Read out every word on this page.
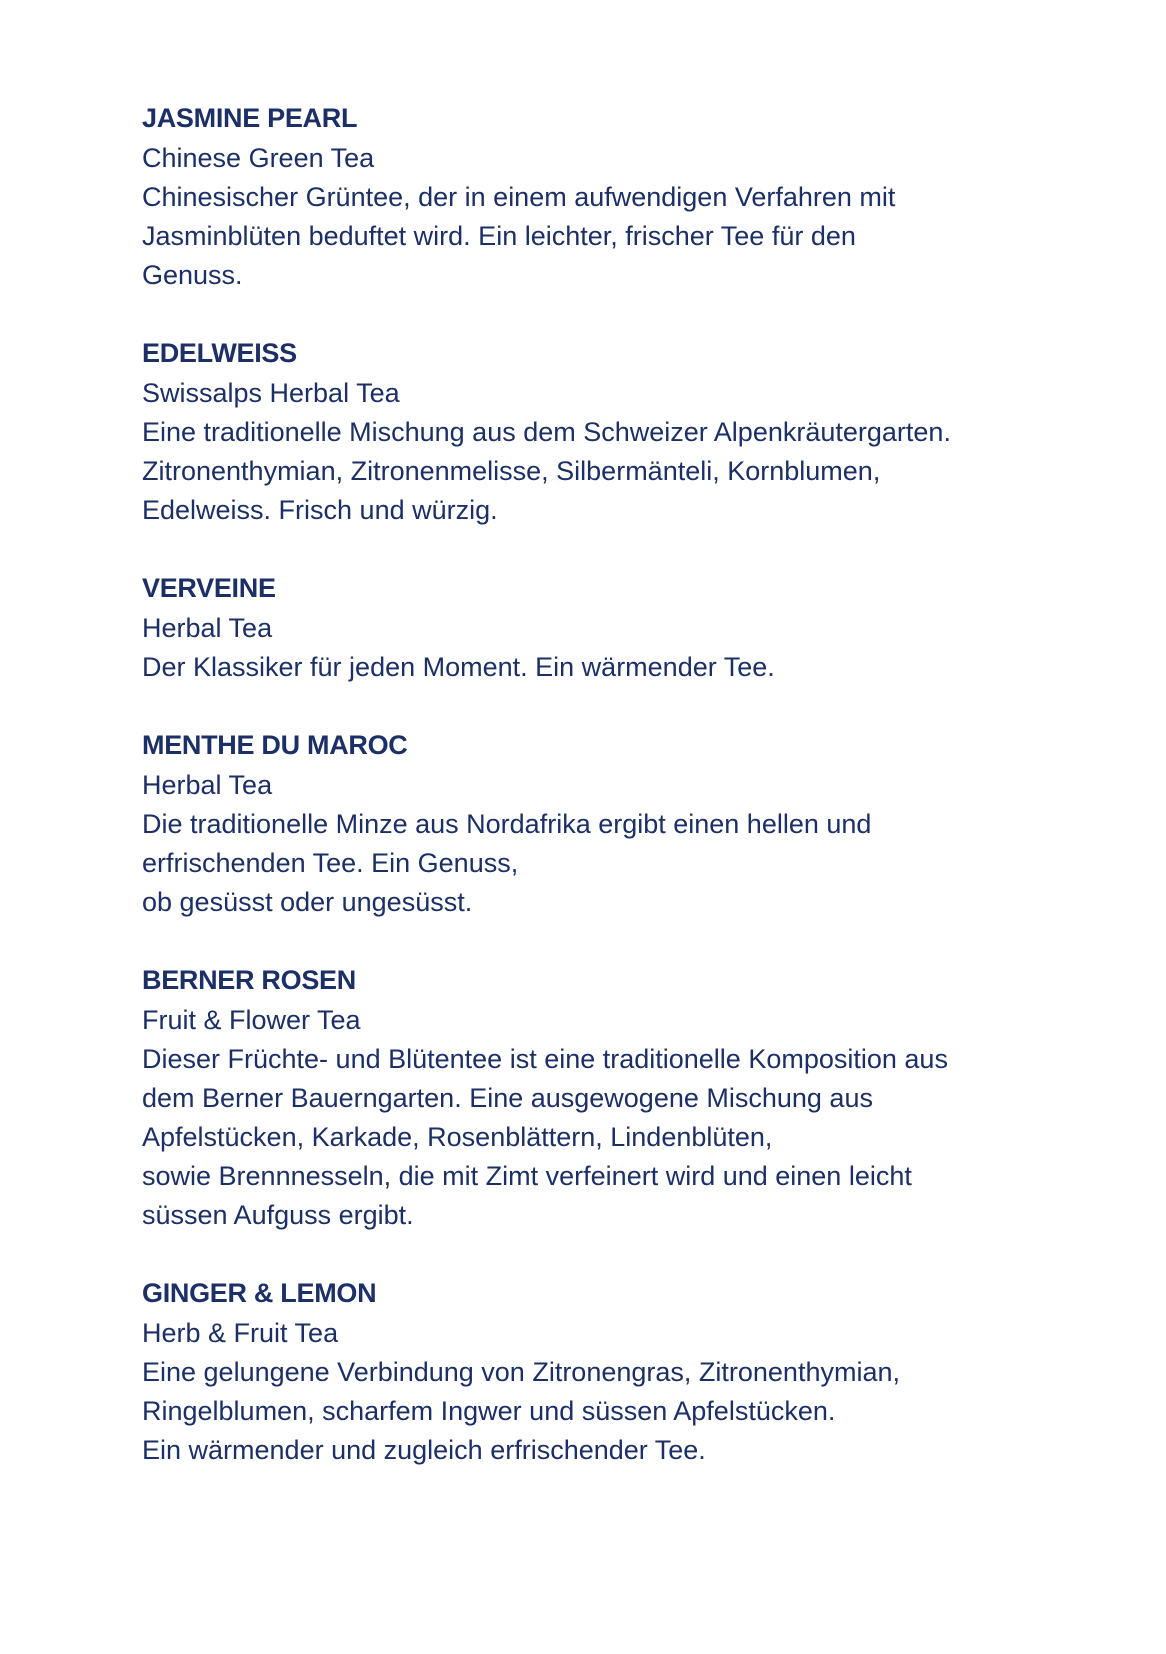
JASMINE PEARL
Chinese Green Tea
Chinesischer Grüntee, der in einem aufwendigen Verfahren mit
Jasminblüten beduftet wird. Ein leichter, frischer Tee für den
Genuss.
EDELWEISS
Swissalps Herbal Tea
Eine traditionelle Mischung aus dem Schweizer Alpenkräutergarten.
Zitronenthymian, Zitronenmelisse, Silbermänteli, Kornblumen,
Edelweiss. Frisch und würzig.
VERVEINE
Herbal Tea
Der Klassiker für jeden Moment. Ein wärmender Tee.
MENTHE DU MAROC
Herbal Tea
Die traditionelle Minze aus Nordafrika ergibt einen hellen und
erfrischenden Tee. Ein Genuss,
ob gesüsst oder ungesüsst.
BERNER ROSEN
Fruit & Flower Tea
Dieser Früchte- und Blütentee ist eine traditionelle Komposition aus
dem Berner Bauerngarten. Eine ausgewogene Mischung aus
Apfelstücken, Karkade, Rosenblättern, Lindenblüten,
sowie Brennnesseln, die mit Zimt verfeinert wird und einen leicht
süssen Aufguss ergibt.
GINGER & LEMON
Herb & Fruit Tea
Eine gelungene Verbindung von Zitronengras, Zitronenthymian,
Ringelblumen, scharfem Ingwer und süssen Apfelstücken.
Ein wärmender und zugleich erfrischender Tee.
